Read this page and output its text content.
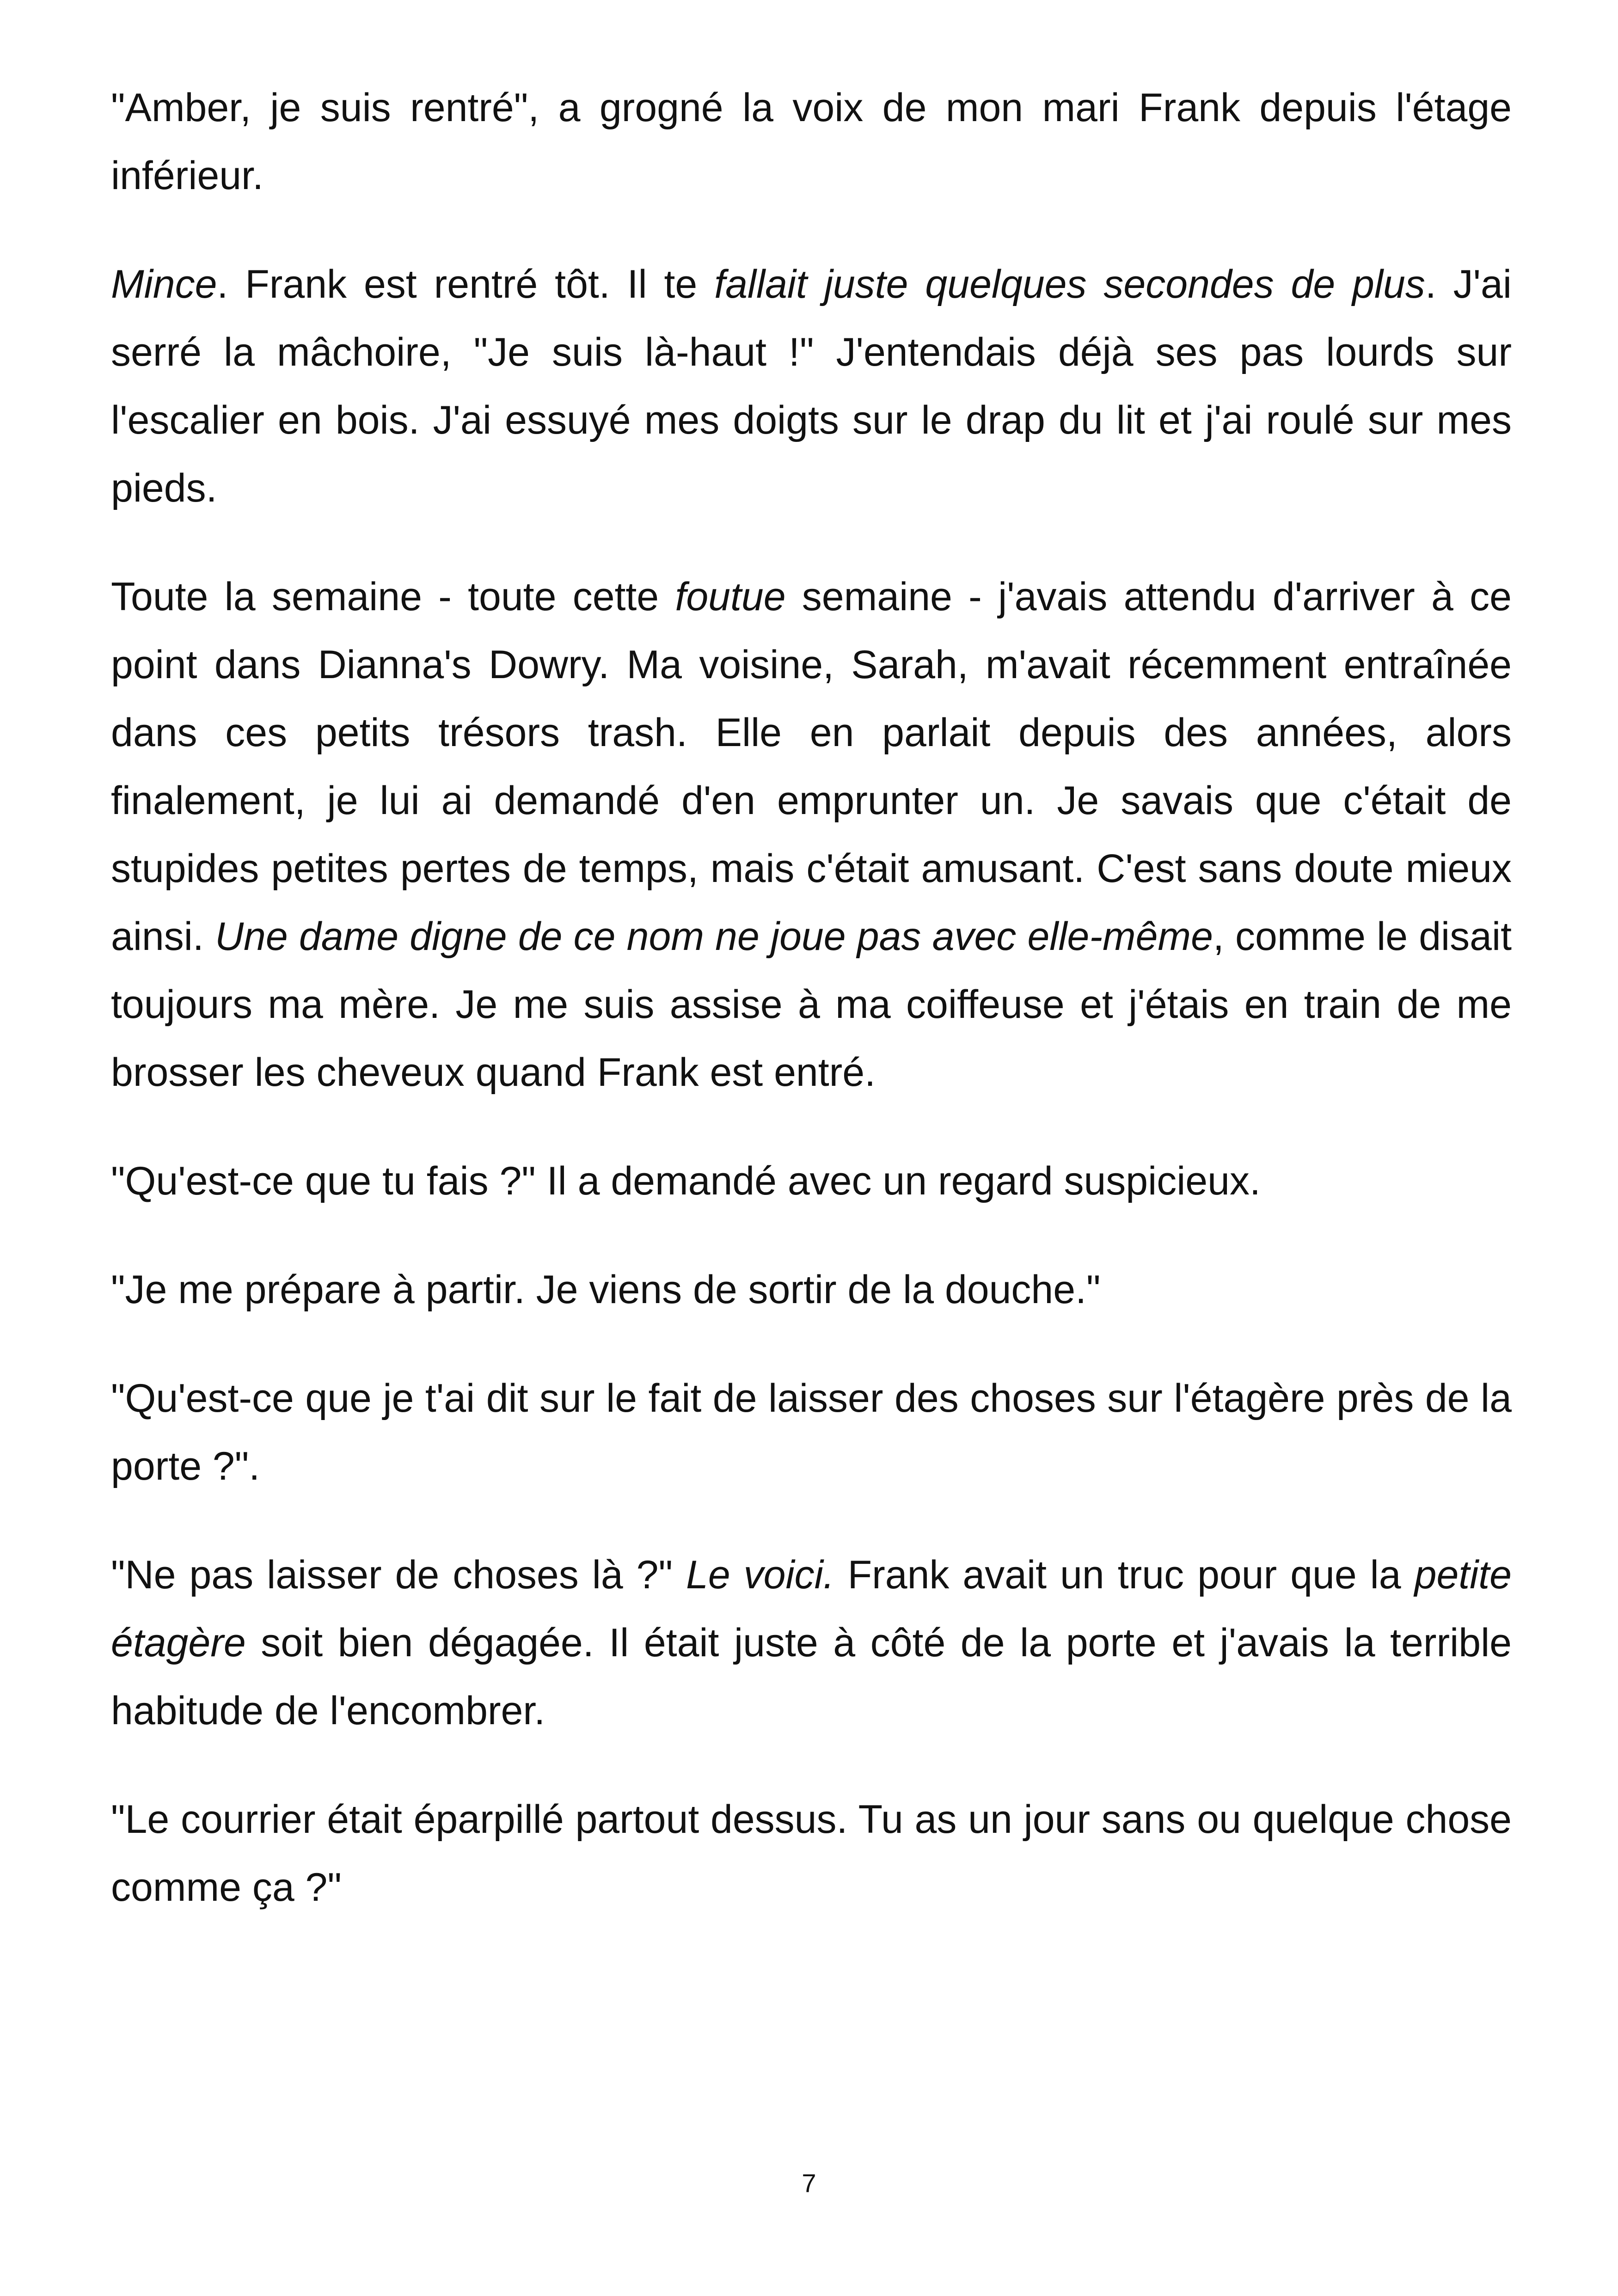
"Amber, je suis rentré", a grogné la voix de mon mari Frank depuis l'étage inférieur.

Mince. Frank est rentré tôt. Il te fallait juste quelques secondes de plus. J'ai serré la mâchoire, "Je suis là-haut !" J'entendais déjà ses pas lourds sur l'escalier en bois. J'ai essuyé mes doigts sur le drap du lit et j'ai roulé sur mes pieds.

Toute la semaine - toute cette foutue semaine - j'avais attendu d'arriver à ce point dans Dianna's Dowry. Ma voisine, Sarah, m'avait récemment entraînée dans ces petits trésors trash. Elle en parlait depuis des années, alors finalement, je lui ai demandé d'en emprunter un. Je savais que c'était de stupides petites pertes de temps, mais c'était amusant. C'est sans doute mieux ainsi. Une dame digne de ce nom ne joue pas avec elle-même, comme le disait toujours ma mère. Je me suis assise à ma coiffeuse et j'étais en train de me brosser les cheveux quand Frank est entré.

"Qu'est-ce que tu fais ?" Il a demandé avec un regard suspicieux.

"Je me prépare à partir. Je viens de sortir de la douche."

"Qu'est-ce que je t'ai dit sur le fait de laisser des choses sur l'étagère près de la porte ?".

"Ne pas laisser de choses là ?" Le voici. Frank avait un truc pour que la petite étagère soit bien dégagée. Il était juste à côté de la porte et j'avais la terrible habitude de l'encombrer.

"Le courrier était éparpillé partout dessus. Tu as un jour sans ou quelque chose comme ça ?"

7
